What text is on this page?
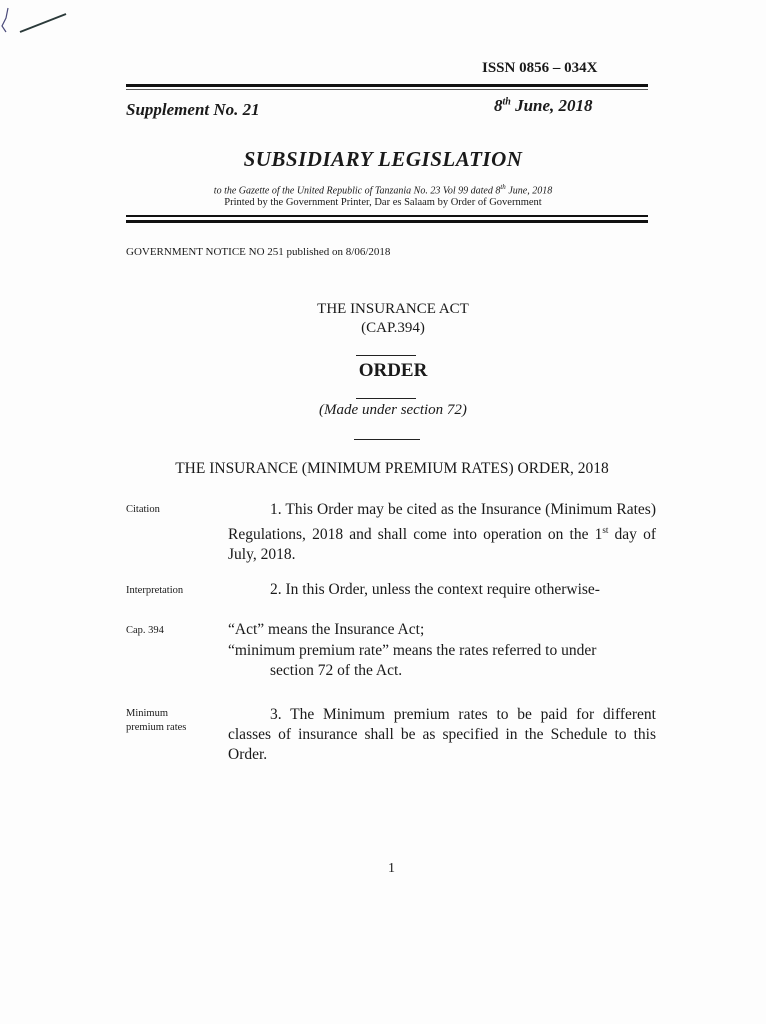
ISSN 0856 – 034X
Supplement No. 21	8th June, 2018
SUBSIDIARY LEGISLATION
to the Gazette of the United Republic of Tanzania No. 23 Vol 99 dated 8th June, 2018
Printed by the Government Printer, Dar es Salaam by Order of Government
GOVERNMENT NOTICE NO 251 published on 8/06/2018
THE INSURANCE ACT
(CAP.394)
ORDER
(Made under section 72)
THE INSURANCE (MINIMUM PREMIUM RATES) ORDER, 2018
Citation	1. This Order may be cited as the Insurance (Minimum Rates) Regulations, 2018 and shall come into operation on the 1st day of July, 2018.
Interpretation	2. In this Order, unless the context require otherwise-
Cap. 394	“Act” means the Insurance Act;
“minimum premium rate” means the rates referred to under
section 72 of the Act.
Minimum premium rates
3. The Minimum premium rates to be paid for different classes of insurance shall be as specified in the Schedule to this Order.
1
